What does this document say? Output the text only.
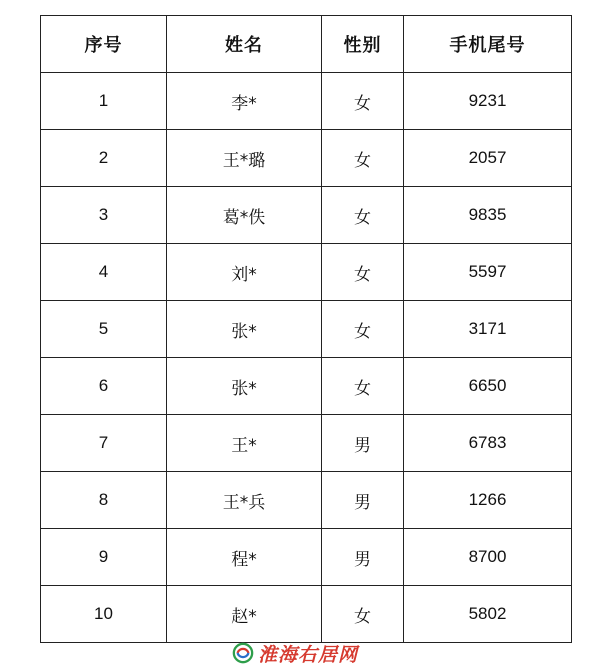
序号	姓名	性别	手机尾号
1	李*	女	9231
2	王*璐	女	2057
3	葛*佚	女	9835
4	刘*	女	5597
5	张*	女	3171
6	张*	女	6650
7	王*	男	6783
8	王*兵	男	1266
9	程*	男	8700
10	赵*	女	5802
淮海右居网
